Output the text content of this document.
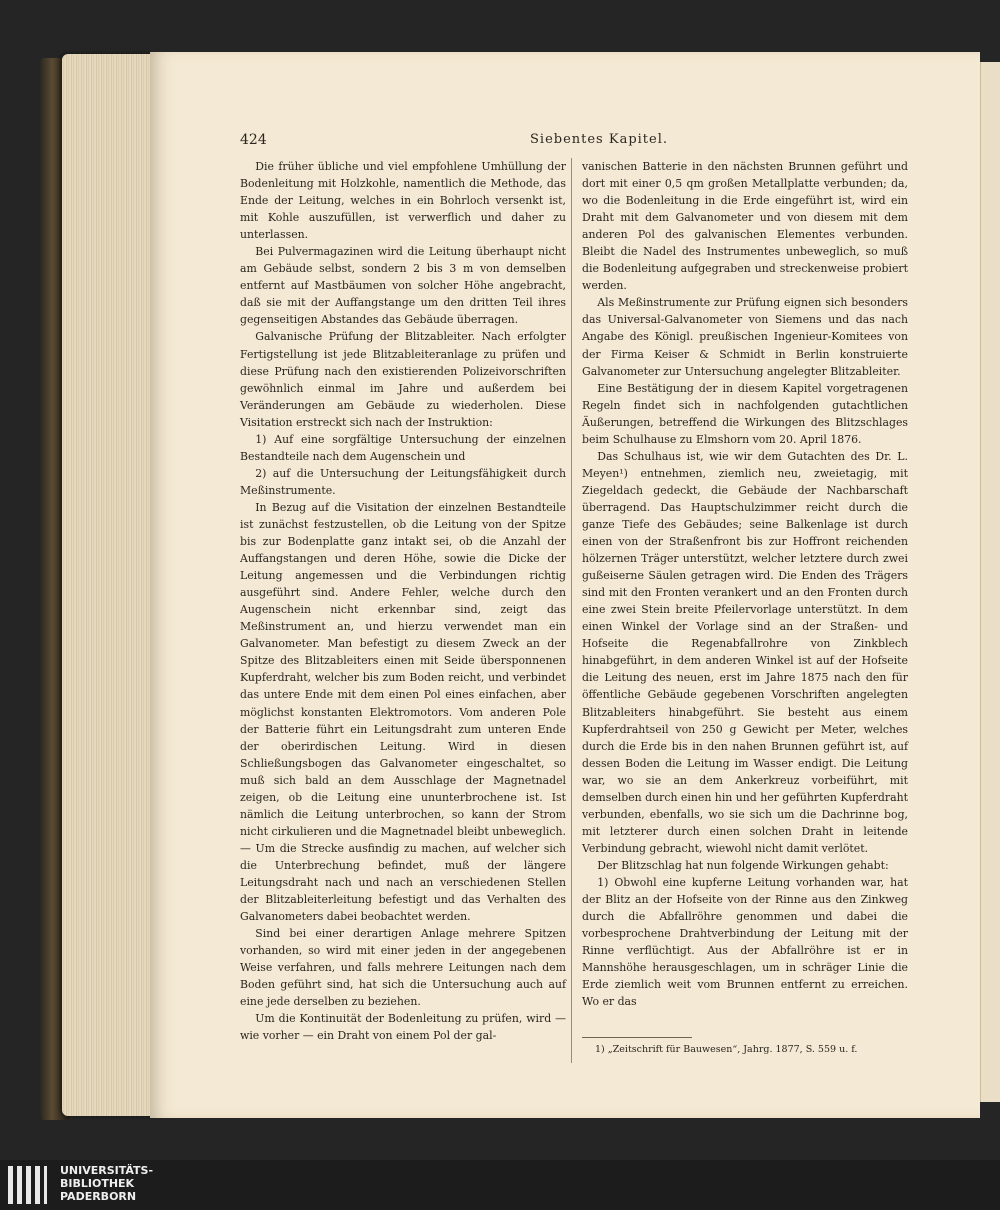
424	Siebentes Kapitel.

Die früher übliche und viel empfohlene Umhüllung der Bodenleitung mit Holzkohle, namentlich die Methode, das Ende der Leitung, welches in ein Bohrloch versenkt ist, mit Kohle auszufüllen, ist verwerflich und daher zu unterlassen.

Bei Pulvermagazinen wird die Leitung überhaupt nicht am Gebäude selbst, sondern 2 bis 3 m von demselben entfernt auf Mastbäumen von solcher Höhe angebracht, daß sie mit der Auffangstange um den dritten Teil ihres gegenseitigen Abstandes das Gebäude überragen.

Galvanische Prüfung der Blitzableiter. Nach erfolgter Fertigstellung ist jede Blitzableiteranlage zu prüfen und diese Prüfung nach den existierenden Polizeivorschriften gewöhnlich einmal im Jahre und außerdem bei Veränderungen am Gebäude zu wiederholen. Diese Visitation erstreckt sich nach der Instruktion:

1) Auf eine sorgfältige Untersuchung der einzelnen Bestandteile nach dem Augenschein und

2) auf die Untersuchung der Leitungsfähigkeit durch Meßinstrumente.

In Bezug auf die Visitation der einzelnen Bestandteile ist zunächst festzustellen, ob die Leitung von der Spitze bis zur Bodenplatte ganz intakt sei, ob die Anzahl der Auffangstangen und deren Höhe, sowie die Dicke der Leitung angemessen und die Verbindungen richtig ausgeführt sind. Andere Fehler, welche durch den Augenschein nicht erkennbar sind, zeigt das Meßinstrument an, und hierzu verwendet man ein Galvanometer. Man befestigt zu diesem Zweck an der Spitze des Blitzableiters einen mit Seide übersponnenen Kupferdraht, welcher bis zum Boden reicht, und verbindet das untere Ende mit dem einen Pol eines einfachen, aber möglichst konstanten Elektromotors. Vom anderen Pole der Batterie führt ein Leitungsdraht zum unteren Ende der oberirdischen Leitung. Wird in diesen Schließungsbogen das Galvanometer eingeschaltet, so muß sich bald an dem Ausschlage der Magnetnadel zeigen, ob die Leitung eine ununterbrochene ist. Ist nämlich die Leitung unterbrochen, so kann der Strom nicht cirkulieren und die Magnetnadel bleibt unbeweglich. — Um die Strecke ausfindig zu machen, auf welcher sich die Unterbrechung befindet, muß der längere Leitungsdraht nach und nach an verschiedenen Stellen der Blitzableiterleitung befestigt und das Verhalten des Galvanometers dabei beobachtet werden.

Sind bei einer derartigen Anlage mehrere Spitzen vorhanden, so wird mit einer jeden in der angegebenen Weise verfahren, und falls mehrere Leitungen nach dem Boden geführt sind, hat sich die Untersuchung auch auf eine jede derselben zu beziehen.

Um die Kontinuität der Bodenleitung zu prüfen, wird — wie vorher — ein Draht von einem Pol der gal-

vanischen Batterie in den nächsten Brunnen geführt und dort mit einer 0,5 qm großen Metallplatte verbunden; da, wo die Bodenleitung in die Erde eingeführt ist, wird ein Draht mit dem Galvanometer und von diesem mit dem anderen Pol des galvanischen Elementes verbunden. Bleibt die Nadel des Instrumentes unbeweglich, so muß die Bodenleitung aufgegraben und streckenweise probiert werden.

Als Meßinstrumente zur Prüfung eignen sich besonders das Universal-Galvanometer von Siemens und das nach Angabe des Königl. preußischen Ingenieur-Komitees von der Firma Keiser & Schmidt in Berlin konstruierte Galvanometer zur Untersuchung angelegter Blitzableiter.

Eine Bestätigung der in diesem Kapitel vorgetragenen Regeln findet sich in nachfolgenden gutachtlichen Äußerungen, betreffend die Wirkungen des Blitzschlages beim Schulhause zu Elmshorn vom 20. April 1876.

Das Schulhaus ist, wie wir dem Gutachten des Dr. L. Meyen¹) entnehmen, ziemlich neu, zweietagig, mit Ziegeldach gedeckt, die Gebäude der Nachbarschaft überragend. Das Hauptschulzimmer reicht durch die ganze Tiefe des Gebäudes; seine Balkenlage ist durch einen von der Straßenfront bis zur Hoffront reichenden hölzernen Träger unterstützt, welcher letztere durch zwei gußeiserne Säulen getragen wird. Die Enden des Trägers sind mit den Fronten verankert und an den Fronten durch eine zwei Stein breite Pfeilervorlage unterstützt. In dem einen Winkel der Vorlage sind an der Straßen- und Hofseite die Regenabfallrohre von Zinkblech hinabgeführt, in dem anderen Winkel ist auf der Hofseite die Leitung des neuen, erst im Jahre 1875 nach den für öffentliche Gebäude gegebenen Vorschriften angelegten Blitzableiters hinabgeführt. Sie besteht aus einem Kupferdrahtseil von 250 g Gewicht per Meter, welches durch die Erde bis in den nahen Brunnen geführt ist, auf dessen Boden die Leitung im Wasser endigt. Die Leitung war, wo sie an dem Ankerkreuz vorbeiführt, mit demselben durch einen hin und her geführten Kupferdraht verbunden, ebenfalls, wo sie sich um die Dachrinne bog, mit letzterer durch einen solchen Draht in leitende Verbindung gebracht, wiewohl nicht damit verlötet.

Der Blitzschlag hat nun folgende Wirkungen gehabt:

1) Obwohl eine kupferne Leitung vorhanden war, hat der Blitz an der Hofseite von der Rinne aus den Zinkweg durch die Abfallröhre genommen und dabei die vorbesprochene Drahtverbindung der Leitung mit der Rinne verflüchtigt. Aus der Abfallröhre ist er in Mannshöhe herausgeschlagen, um in schräger Linie die Erde ziemlich weit vom Brunnen entfernt zu erreichen. Wo er das

1) „Zeitschrift für Bauwesen“, Jahrg. 1877, S. 559 u. f.
UNIVERSITÄTS-
BIBLIOTHEK
PADERBORN
